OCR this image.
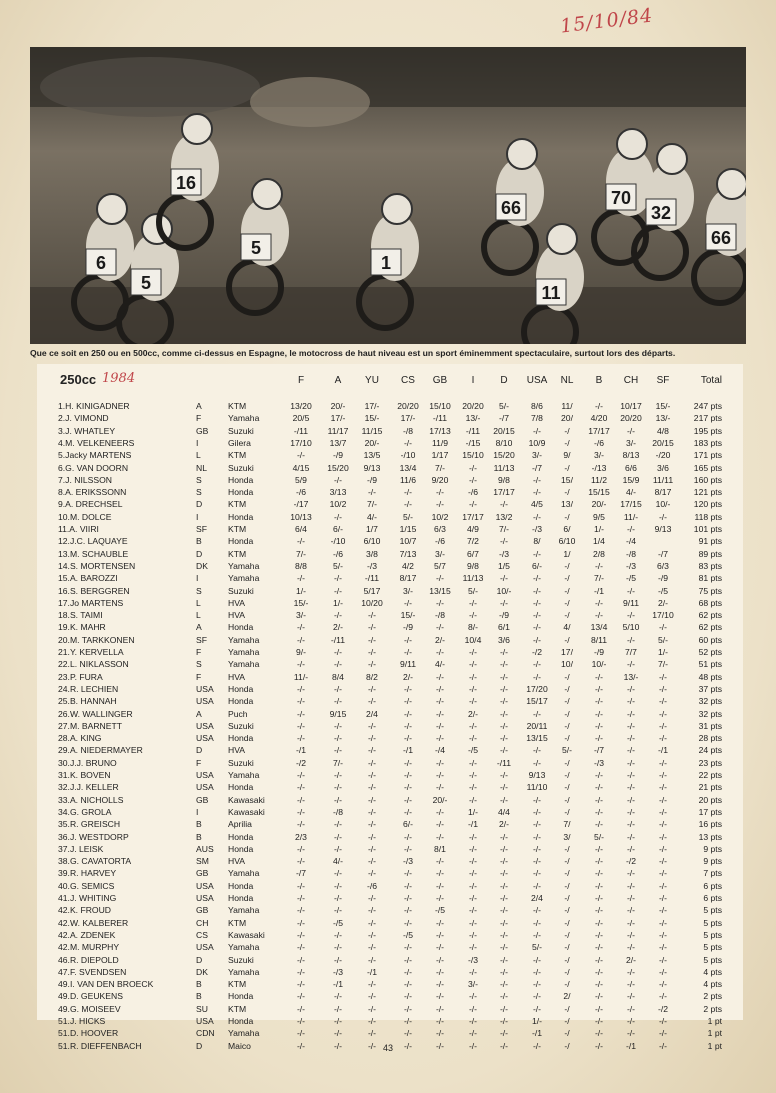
15/10/84
6
5
16
5
1
66
11
66
70
32
Que ce soit en 250 ou en 500cc, comme ci-dessus en Espagne, le motocross de haut niveau est un sport éminemment spectaculaire, surtout lors des départs.
250cc 1984	F	A	YU	CS	GB	I	D	USA	NL	B	CH	SF	Total
1.H. KINIGADNER	A	KTM	13/20	20/-	17/-	20/20	15/10	20/20	5/-	8/6	11/	-/-	10/17	15/-	247 pts
2.J. VIMOND	F	Yamaha	20/5	17/-	15/-	17/-	-/11	13/-	-/7	7/8	20/	4/20	20/20	13/-	217 pts
3.J. WHATLEY	GB	Suzuki	-/11	11/17	11/15	-/8	17/13	-/11	20/15	-/-	-/	17/17	-/-	4/8	195 pts
4.M. VELKENEERS	I	Gilera	17/10	13/7	20/-	-/-	11/9	-/15	8/10	10/9	-/	-/6	3/-	20/15	183 pts
5.Jacky MARTENS	L	KTM	-/-	-/9	13/5	-/10	1/17	15/10	15/20	3/-	9/	3/-	8/13	-/20	171 pts
6.G. VAN DOORN	NL	Suzuki	4/15	15/20	9/13	13/4	7/-	-/-	11/13	-/7	-/	-/13	6/6	3/6	165 pts
7.J. NILSSON	S	Honda	5/9	-/-	-/9	11/6	9/20	-/-	9/8	-/-	15/	11/2	15/9	11/11	160 pts
8.A. ERIKSSONN	S	Honda	-/6	3/13	-/-	-/-	-/-	-/6	17/17	-/-	-/	15/15	4/-	8/17	121 pts
9.A. DRECHSEL	D	KTM	-/17	10/2	7/-	-/-	-/-	-/-	-/-	4/5	13/	20/-	17/15	10/-	120 pts
10.M. DOLCE	I	Honda	10/13	-/-	4/-	5/-	10/2	17/17	13/2	-/-	-/	9/5	11/-	-/-	118 pts
11.A. VIIRI	SF	KTM	6/4	6/-	1/7	1/15	6/3	4/9	7/-	-/3	6/	1/-	-/-	9/13	101 pts
12.J.C. LAQUAYE	B	Honda	-/-	-/10	6/10	10/7	-/6	7/2	-/-	8/	6/10	1/4	-/4	91 pts
13.M. SCHAUBLE	D	KTM	7/-	-/6	3/8	7/13	3/-	6/7	-/3	-/-	1/	2/8	-/8	-/7	89 pts
14.S. MORTENSEN	DK	Yamaha	8/8	5/-	-/3	4/2	5/7	9/8	1/5	6/-	-/	-/-	-/3	6/3	83 pts
15.A. BAROZZI	I	Yamaha	-/-	-/-	-/11	8/17	-/-	11/13	-/-	-/-	-/	7/-	-/5	-/9	81 pts
16.S. BERGGREN	S	Suzuki	1/-	-/-	5/17	3/-	13/15	5/-	10/-	-/-	-/	-/1	-/-	-/5	75 pts
17.Jo MARTENS	L	HVA	15/-	1/-	10/20	-/-	-/-	-/-	-/-	-/-	-/	-/-	9/11	2/-	68 pts
18.S. TAIMI	L	HVA	3/-	-/-	-/-	15/-	-/8	-/-	-/9	-/-	-/	-/-	-/-	17/10	62 pts
19.K. MAHR	A	Honda	-/-	2/-	-/-	-/9	-/-	8/-	6/1	-/-	4/	13/4	5/10	-/-	62 pts
20.M. TARKKONEN	SF	Yamaha	-/-	-/11	-/-	-/-	2/-	10/4	3/6	-/-	-/	8/11	-/-	5/-	60 pts
21.Y. KERVELLA	F	Yamaha	9/-	-/-	-/-	-/-	-/-	-/-	-/-	-/2	17/	-/9	7/7	1/-	52 pts
22.L. NIKLASSON	S	Yamaha	-/-	-/-	-/-	9/11	4/-	-/-	-/-	-/-	10/	10/-	-/-	7/-	51 pts
23.P. FURA	F	HVA	11/-	8/4	8/2	2/-	-/-	-/-	-/-	-/-	-/	-/-	13/-	-/-	48 pts
24.R. LECHIEN	USA	Honda	-/-	-/-	-/-	-/-	-/-	-/-	-/-	17/20	-/	-/-	-/-	-/-	37 pts
25.B. HANNAH	USA	Honda	-/-	-/-	-/-	-/-	-/-	-/-	-/-	15/17	-/	-/-	-/-	-/-	32 pts
26.W. WALLINGER	A	Puch	-/-	9/15	2/4	-/-	-/-	2/-	-/-	-/-	-/	-/-	-/-	-/-	32 pts
27.M. BARNETT	USA	Suzuki	-/-	-/-	-/-	-/-	-/-	-/-	-/-	20/11	-/	-/-	-/-	-/-	31 pts
28.A. KING	USA	Honda	-/-	-/-	-/-	-/-	-/-	-/-	-/-	13/15	-/	-/-	-/-	-/-	28 pts
29.A. NIEDERMAYER	D	HVA	-/1	-/-	-/-	-/1	-/4	-/5	-/-	-/-	5/-	-/7	-/-	-/1	24 pts
30.J.J. BRUNO	F	Suzuki	-/2	7/-	-/-	-/-	-/-	-/-	-/11	-/-	-/	-/3	-/-	-/-	23 pts
31.K. BOVEN	USA	Yamaha	-/-	-/-	-/-	-/-	-/-	-/-	-/-	9/13	-/	-/-	-/-	-/-	22 pts
32.J.J. KELLER	USA	Honda	-/-	-/-	-/-	-/-	-/-	-/-	-/-	11/10	-/	-/-	-/-	-/-	21 pts
33.A. NICHOLLS	GB	Kawasaki	-/-	-/-	-/-	-/-	20/-	-/-	-/-	-/-	-/	-/-	-/-	-/-	20 pts
34.G. GROLA	I	Kawasaki	-/-	-/8	-/-	-/-	-/-	1/-	4/4	-/-	-/	-/-	-/-	-/-	17 pts
35.R. GREISCH	B	Aprilia	-/-	-/-	-/-	6/-	-/-	-/1	2/-	-/-	7/	-/-	-/-	-/-	16 pts
36.J. WESTDORP	B	Honda	2/3	-/-	-/-	-/-	-/-	-/-	-/-	-/-	3/	5/-	-/-	-/-	13 pts
37.J. LEISK	AUS	Honda	-/-	-/-	-/-	-/-	8/1	-/-	-/-	-/-	-/	-/-	-/-	-/-	9 pts
38.G. CAVATORTA	SM	HVA	-/-	4/-	-/-	-/3	-/-	-/-	-/-	-/-	-/	-/-	-/2	-/-	9 pts
39.R. HARVEY	GB	Yamaha	-/7	-/-	-/-	-/-	-/-	-/-	-/-	-/-	-/	-/-	-/-	-/-	7 pts
40.G. SEMICS	USA	Honda	-/-	-/-	-/6	-/-	-/-	-/-	-/-	-/-	-/	-/-	-/-	-/-	6 pts
41.J. WHITING	USA	Honda	-/-	-/-	-/-	-/-	-/-	-/-	-/-	2/4	-/	-/-	-/-	-/-	6 pts
42.K. FROUD	GB	Yamaha	-/-	-/-	-/-	-/-	-/5	-/-	-/-	-/-	-/	-/-	-/-	-/-	5 pts
42.W. KALBERER	CH	KTM	-/-	-/5	-/-	-/-	-/-	-/-	-/-	-/-	-/	-/-	-/-	-/-	5 pts
42.A. ZDENEK	CS	Kawasaki	-/-	-/-	-/-	-/5	-/-	-/-	-/-	-/-	-/	-/-	-/-	-/-	5 pts
42.M. MURPHY	USA	Yamaha	-/-	-/-	-/-	-/-	-/-	-/-	-/-	5/-	-/	-/-	-/-	-/-	5 pts
46.R. DIEPOLD	D	Suzuki	-/-	-/-	-/-	-/-	-/-	-/3	-/-	-/-	-/	-/-	2/-	-/-	5 pts
47.F. SVENDSEN	DK	Yamaha	-/-	-/3	-/1	-/-	-/-	-/-	-/-	-/-	-/	-/-	-/-	-/-	4 pts
49.I. VAN DEN BROECK	B	KTM	-/-	-/1	-/-	-/-	-/-	3/-	-/-	-/-	-/	-/-	-/-	-/-	4 pts
49.D. GEUKENS	B	Honda	-/-	-/-	-/-	-/-	-/-	-/-	-/-	-/-	2/	-/-	-/-	-/-	2 pts
49.G. MOISEEV	SU	KTM	-/-	-/-	-/-	-/-	-/-	-/-	-/-	-/-	-/	-/-	-/-	-/2	2 pts
51.J. HICKS	USA	Honda	-/-	-/-	-/-	-/-	-/-	-/-	-/-	1/-	-/	-/-	-/-	-/-	1 pt
51.D. HOOVER	CDN	Yamaha	-/-	-/-	-/-	-/-	-/-	-/-	-/-	-/1	-/	-/-	-/-	-/-	1 pt
51.R. DIEFFENBACH	D	Maico	-/-	-/-	-/-	-/-	-/-	-/-	-/-	-/-	-/	-/-	-/1	-/-	1 pt
43
